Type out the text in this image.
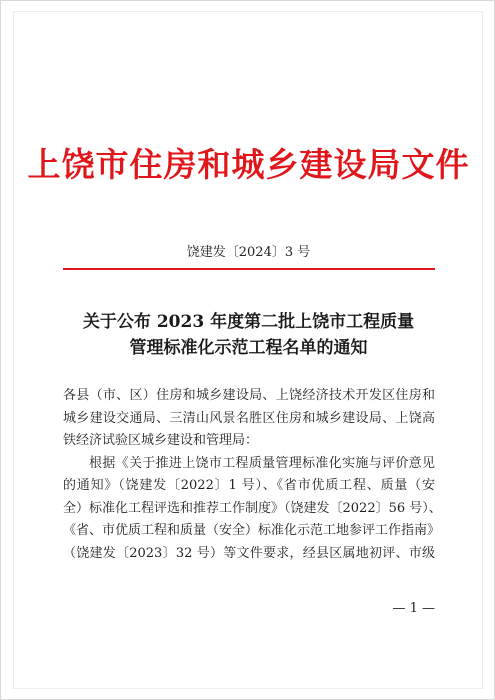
上饶市住房和城乡建设局文件
饶建发〔2024〕3 号
关于公布 2023 年度第二批上饶市工程质量
管理标准化示范工程名单的通知
各县（市、区）住房和城乡建设局、上饶经济技术开发区住房和
城乡建设交通局、三清山风景名胜区住房和城乡建设局、上饶高
铁经济试验区城乡建设和管理局：
根据《关于推进上饶市工程质量管理标准化实施与评价意见
的通知》（饶建发〔2022〕1 号）、《省市优质工程、质量（安
全）标准化工程评选和推荐工作制度》（饶建发〔2022〕56 号）、
《省、市优质工程和质量（安全）标准化示范工地参评工作指南》
（饶建发〔2023〕32 号）等文件要求，经县区属地初评、市级
— 1 —
